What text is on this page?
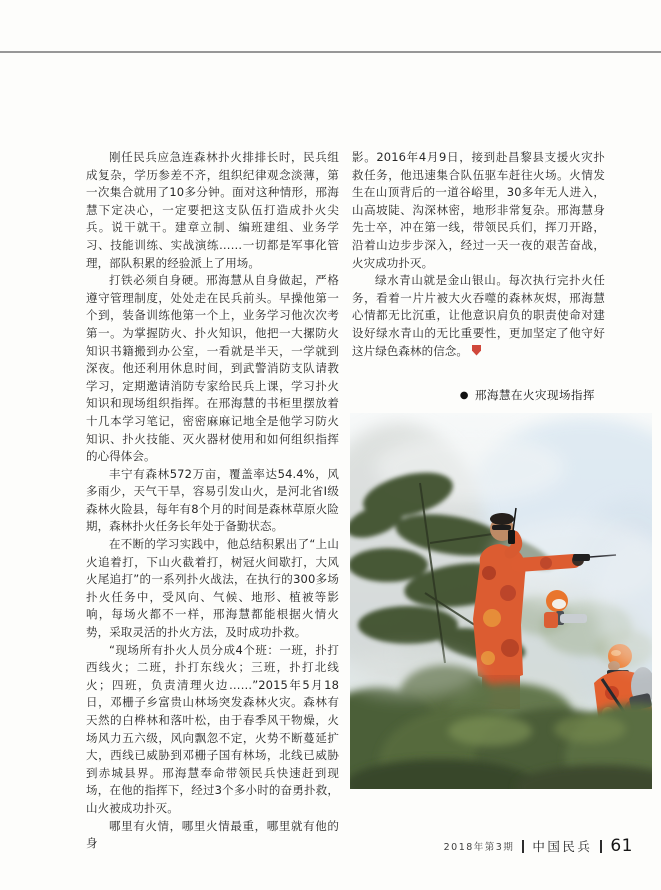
刚任民兵应急连森林扑火排排长时，民兵组成复杂，学历参差不齐，组织纪律观念淡薄，第一次集合就用了10多分钟。面对这种情形，邢海慧下定决心，一定要把这支队伍打造成扑火尖兵。说干就干。建章立制、编班建组、业务学习、技能训练、实战演练……一切都是军事化管理，部队积累的经验派上了用场。

打铁必须自身硬。邢海慧从自身做起，严格遵守管理制度，处处走在民兵前头。早操他第一个到，装备训练他第一个上，业务学习他次次考第一。为掌握防火、扑火知识，他把一大摞防火知识书籍搬到办公室，一看就是半天，一学就到深夜。他还利用休息时间，到武警消防支队请教学习，定期邀请消防专家给民兵上课，学习扑火知识和现场组织指挥。在邢海慧的书柜里摆放着十几本学习笔记，密密麻麻记地全是他学习防火知识、扑火技能、灭火器材使用和如何组织指挥的心得体会。

丰宁有森林572万亩，覆盖率达54.4%，风多雨少，天气干旱，容易引发山火，是河北省Ⅰ级森林火险县，每年有8个月的时间是森林草原火险期，森林扑火任务长年处于备勤状态。

在不断的学习实践中，他总结积累出了“上山火追着打，下山火截着打，树冠火间歇打，大风火尾追打”的一系列扑火战法，在执行的300多场扑火任务中，受风向、气候、地形、植被等影响，每场火都不一样，邢海慧都能根据火情火势，采取灵活的扑火方法，及时成功扑救。

“现场所有扑火人员分成4个班：一班，扑打西线火；二班，扑打东线火；三班，扑打北线火；四班，负责清理火边……”2015年5月18日，邓栅子乡富贵山林场突发森林火灾。森林有天然的白桦林和落叶松，由于春季风干物燥，火场风力五六级，风向飘忽不定，火势不断蔓延扩大，西线已威胁到邓栅子国有林场，北线已威胁到赤城县界。邢海慧奉命带领民兵快速赶到现场，在他的指挥下，经过3个多小时的奋勇扑救，山火被成功扑灭。

哪里有火情，哪里火情最重，哪里就有他的身

影。2016年4月9日，接到赴昌黎县支援火灾扑救任务，他迅速集合队伍驱车赶往火场。火情发生在山顶背后的一道谷峪里，30多年无人进入，山高坡陡、沟深林密，地形非常复杂。邢海慧身先士卒，冲在第一线，带领民兵们，挥刀开路，沿着山边步步深入，经过一天一夜的艰苦奋战，火灾成功扑灭。

绿水青山就是金山银山。每次执行完扑火任务，看着一片片被大火吞噬的森林灰烬，邢海慧心情都无比沉重，让他意识肩负的职责使命对建设好绿水青山的无比重要性，更加坚定了他守好这片绿色森林的信念。

● 邢海慧在火灾现场指挥
2018年第3期 中国民兵 61
